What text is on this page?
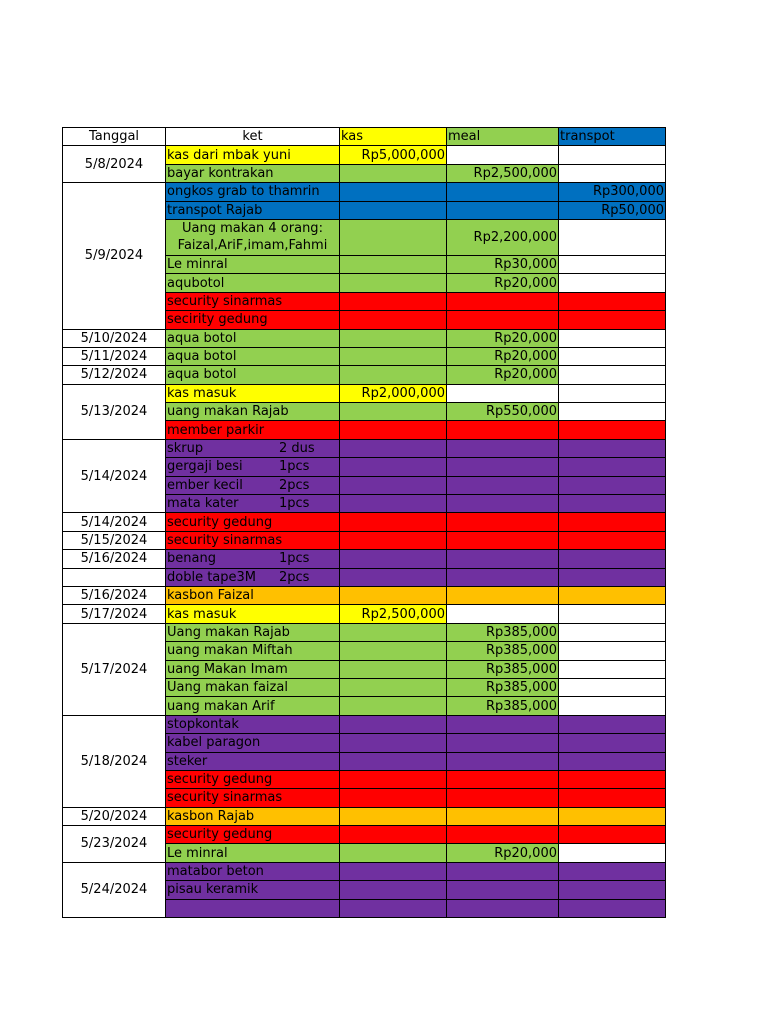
Tanggal	ket	kas	meal	transpot
5/8/2024	kas dari mbak yuni	Rp5,000,000		
	bayar kontrakan		Rp2,500,000	
5/9/2024	ongkos grab to thamrin			Rp300,000
	transpot Rajab			Rp50,000
	Uang makan 4 orang: Faizal,AriF,imam,Fahmi		Rp2,200,000	
	Le minral		Rp30,000	
	aqubotol		Rp20,000	
	security sinarmas			
	secirity gedung			
5/10/2024	aqua botol		Rp20,000	
5/11/2024	aqua botol		Rp20,000	
5/12/2024	aqua botol		Rp20,000	
5/13/2024	kas masuk	Rp2,000,000		
	uang makan Rajab		Rp550,000	
	member parkir			
5/14/2024	skrup 2 dus			
	gergaji besi 1pcs			
	ember kecil 2pcs			
	mata kater 1pcs			
5/14/2024	security gedung			
5/15/2024	security sinarmas			
5/16/2024	benang 1pcs			
	doble tape3M 2pcs			
5/16/2024	kasbon Faizal			
5/17/2024	kas masuk	Rp2,500,000		
5/17/2024	Uang makan Rajab		Rp385,000	
	uang makan Miftah		Rp385,000	
	uang Makan Imam		Rp385,000	
	Uang makan faizal		Rp385,000	
	uang makan Arif		Rp385,000	
5/18/2024	stopkontak			
	kabel paragon			
	steker			
	security gedung			
	security sinarmas			
5/20/2024	kasbon Rajab			
5/23/2024	security gedung			
	Le minral		Rp20,000	
5/24/2024	matabor beton			
	pisau keramik			
